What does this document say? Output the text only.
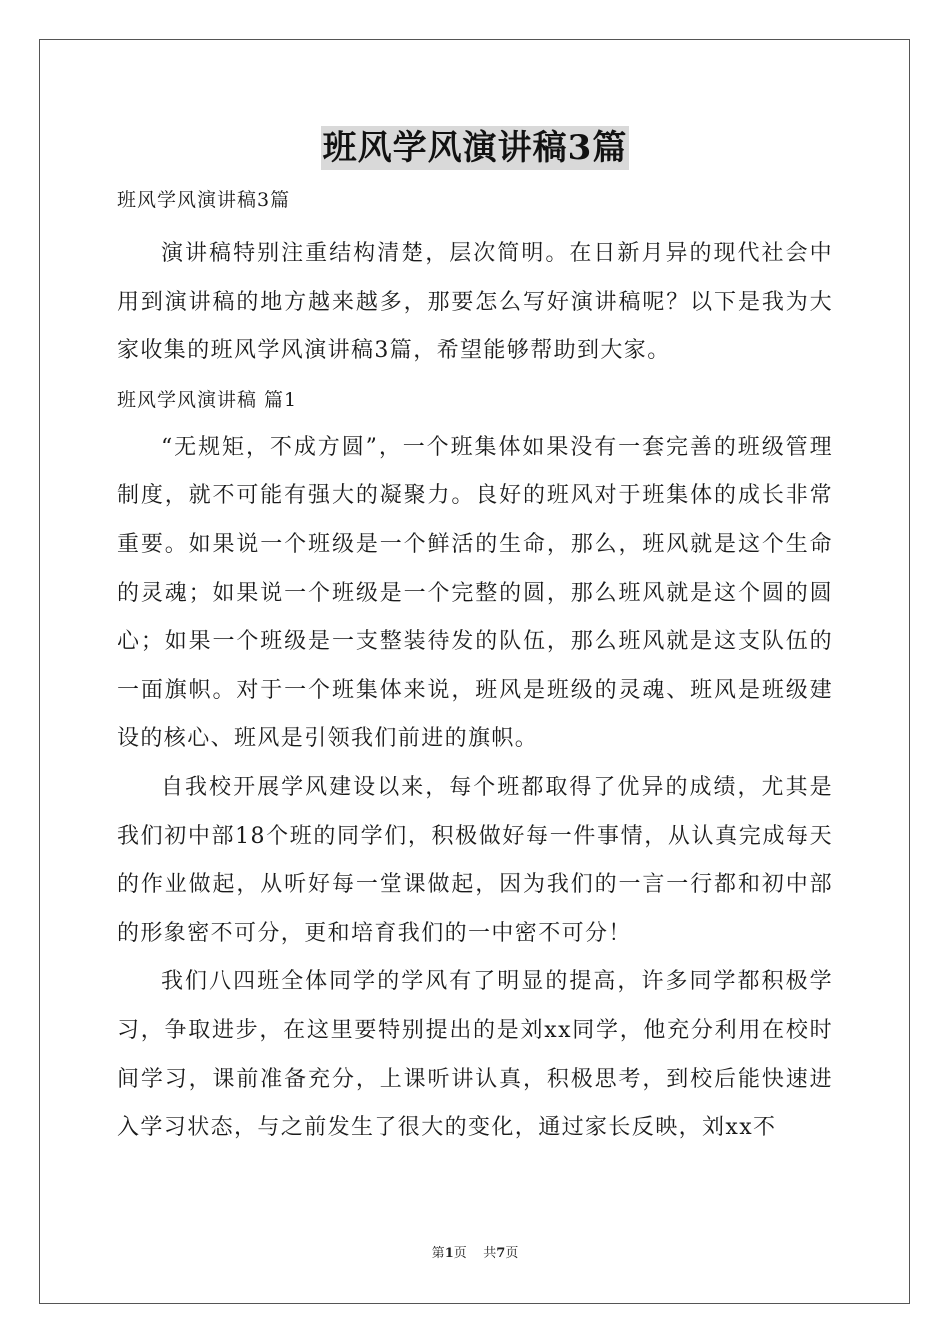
班风学风演讲稿3篇

班风学风演讲稿3篇

演讲稿特别注重结构清楚，层次简明。在日新月异的现代社会中用到演讲稿的地方越来越多，那要怎么写好演讲稿呢？以下是我为大家收集的班风学风演讲稿3篇，希望能够帮助到大家。

班风学风演讲稿 篇1

“无规矩，不成方圆”，一个班集体如果没有一套完善的班级管理制度，就不可能有强大的凝聚力。良好的班风对于班集体的成长非常重要。如果说一个班级是一个鲜活的生命，那么，班风就是这个生命的灵魂；如果说一个班级是一个完整的圆，那么班风就是这个圆的圆心；如果一个班级是一支整装待发的队伍，那么班风就是这支队伍的一面旗帜。对于一个班集体来说，班风是班级的灵魂、班风是班级建设的核心、班风是引领我们前进的旗帜。

自我校开展学风建设以来，每个班都取得了优异的成绩，尤其是我们初中部18个班的同学们，积极做好每一件事情，从认真完成每天的作业做起，从听好每一堂课做起，因为我们的一言一行都和初中部的形象密不可分，更和培育我们的一中密不可分！

我们八四班全体同学的学风有了明显的提高，许多同学都积极学习，争取进步，在这里要特别提出的是刘xx同学，他充分利用在校时间学习，课前准备充分，上课听讲认真，积极思考，到校后能快速进入学习状态，与之前发生了很大的变化，通过家长反映，刘xx不

第1页    共7页
